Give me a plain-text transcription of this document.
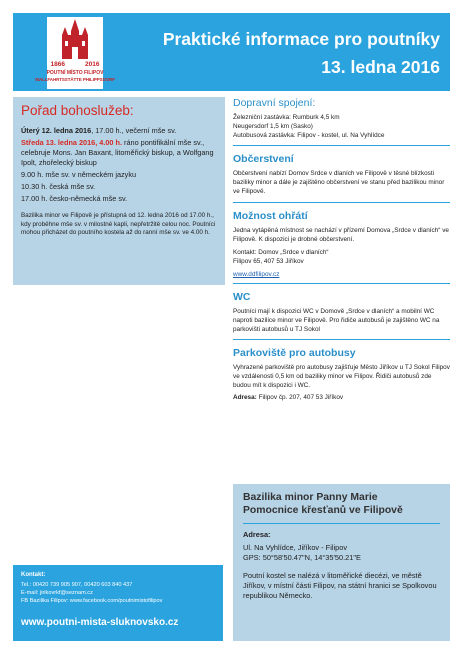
1866	2016
POUTNÍ MÍSTO FILIPOV
WALLFAHRTSSTÄTTE PHILIPPSDORF
Praktické informace pro poutníky
13. ledna 2016
Pořad bohoslužeb:
Úterý 12. ledna 2016, 17.00 h., večerní mše sv.
Středa 13. ledna 2016, 4.00 h. ráno pontifikální mše sv., celebruje Mons. Jan Baxant, litoměřický biskup, a Wolfgang Ipolt, zhořelecký biskup
9.00 h. mše sv. v německém jazyku
10.30 h. česká mše sv.
17.00 h. česko-německá mše sv.
Bazilika minor ve Filipově je přístupná od 12. ledna 2016 od 17.00 h., kdy proběhne mše sv. v milostné kapli, nepřetržitě celou noc. Poutníci mohou přicházet do poutního kostela až do ranní mše sv. ve 4.00 h.
Dopravní spojení:
Železniční zastávka: Rumburk 4,5 km
Neugersdorf 1,5 km (Sasko)
Autobusová zastávka: Filipov - kostel, ul. Na Vyhlídce
Občerstvení
Občerstvení nabízí Domov Srdce v dlaních ve Filipově v těsné blízkosti baziliky minor a dále je zajištěno občerstvení ve stanu před bazilikou minor ve Filipově.
Možnost ohřátí
Jedna vytápěná místnost se nachází v přízemí Domova „Srdce v dlaních“ ve Filipově. K dispozici je drobné občerstvení.
Kontakt: Domov „Srdce v dlaních“
Filipov 65, 407 53 Jiříkov
www.ddfilipov.cz
WC
Poutníci mají k dispozici WC v Domově „Srdce v dlaních“ a mobilní WC naproti bazilice minor ve Filipově. Pro řidiče autobusů je zajištěno WC na parkovišti autobusů u TJ Sokol
Parkoviště pro autobusy
Vyhrazené parkoviště pro autobusy zajišťuje Město Jiříkov u TJ Sokol Filipov ve vzdálenosti 0,5 km od baziliky minor ve Filipov. Řidiči autobusů zde budou mít k dispozici i WC.
Adresa: Filipov čp. 207, 407 53 Jiříkov
Bazilika minor Panny Marie
Pomocnice křesťanů ve Filipově
Adresa:
Ul. Na Vyhlídce, Jiříkov - Filipov
GPS: 50°58'50.47"N, 14°35'50.21"E
Poutní kostel se nalézá v litoměřické diecézi, ve městě Jiříkov, v místní části Filipov, na státní hranici se Spolkovou republikou Německo.
Kontakt:
Tel.: 00420 739 905 907, 00420 603 840 437
E-mail: jirikovrkf@seznam.cz
FB Bazilika Filipov: www.facebook.com/poutnimistofilipov
www.poutni-mista-sluknovsko.cz
